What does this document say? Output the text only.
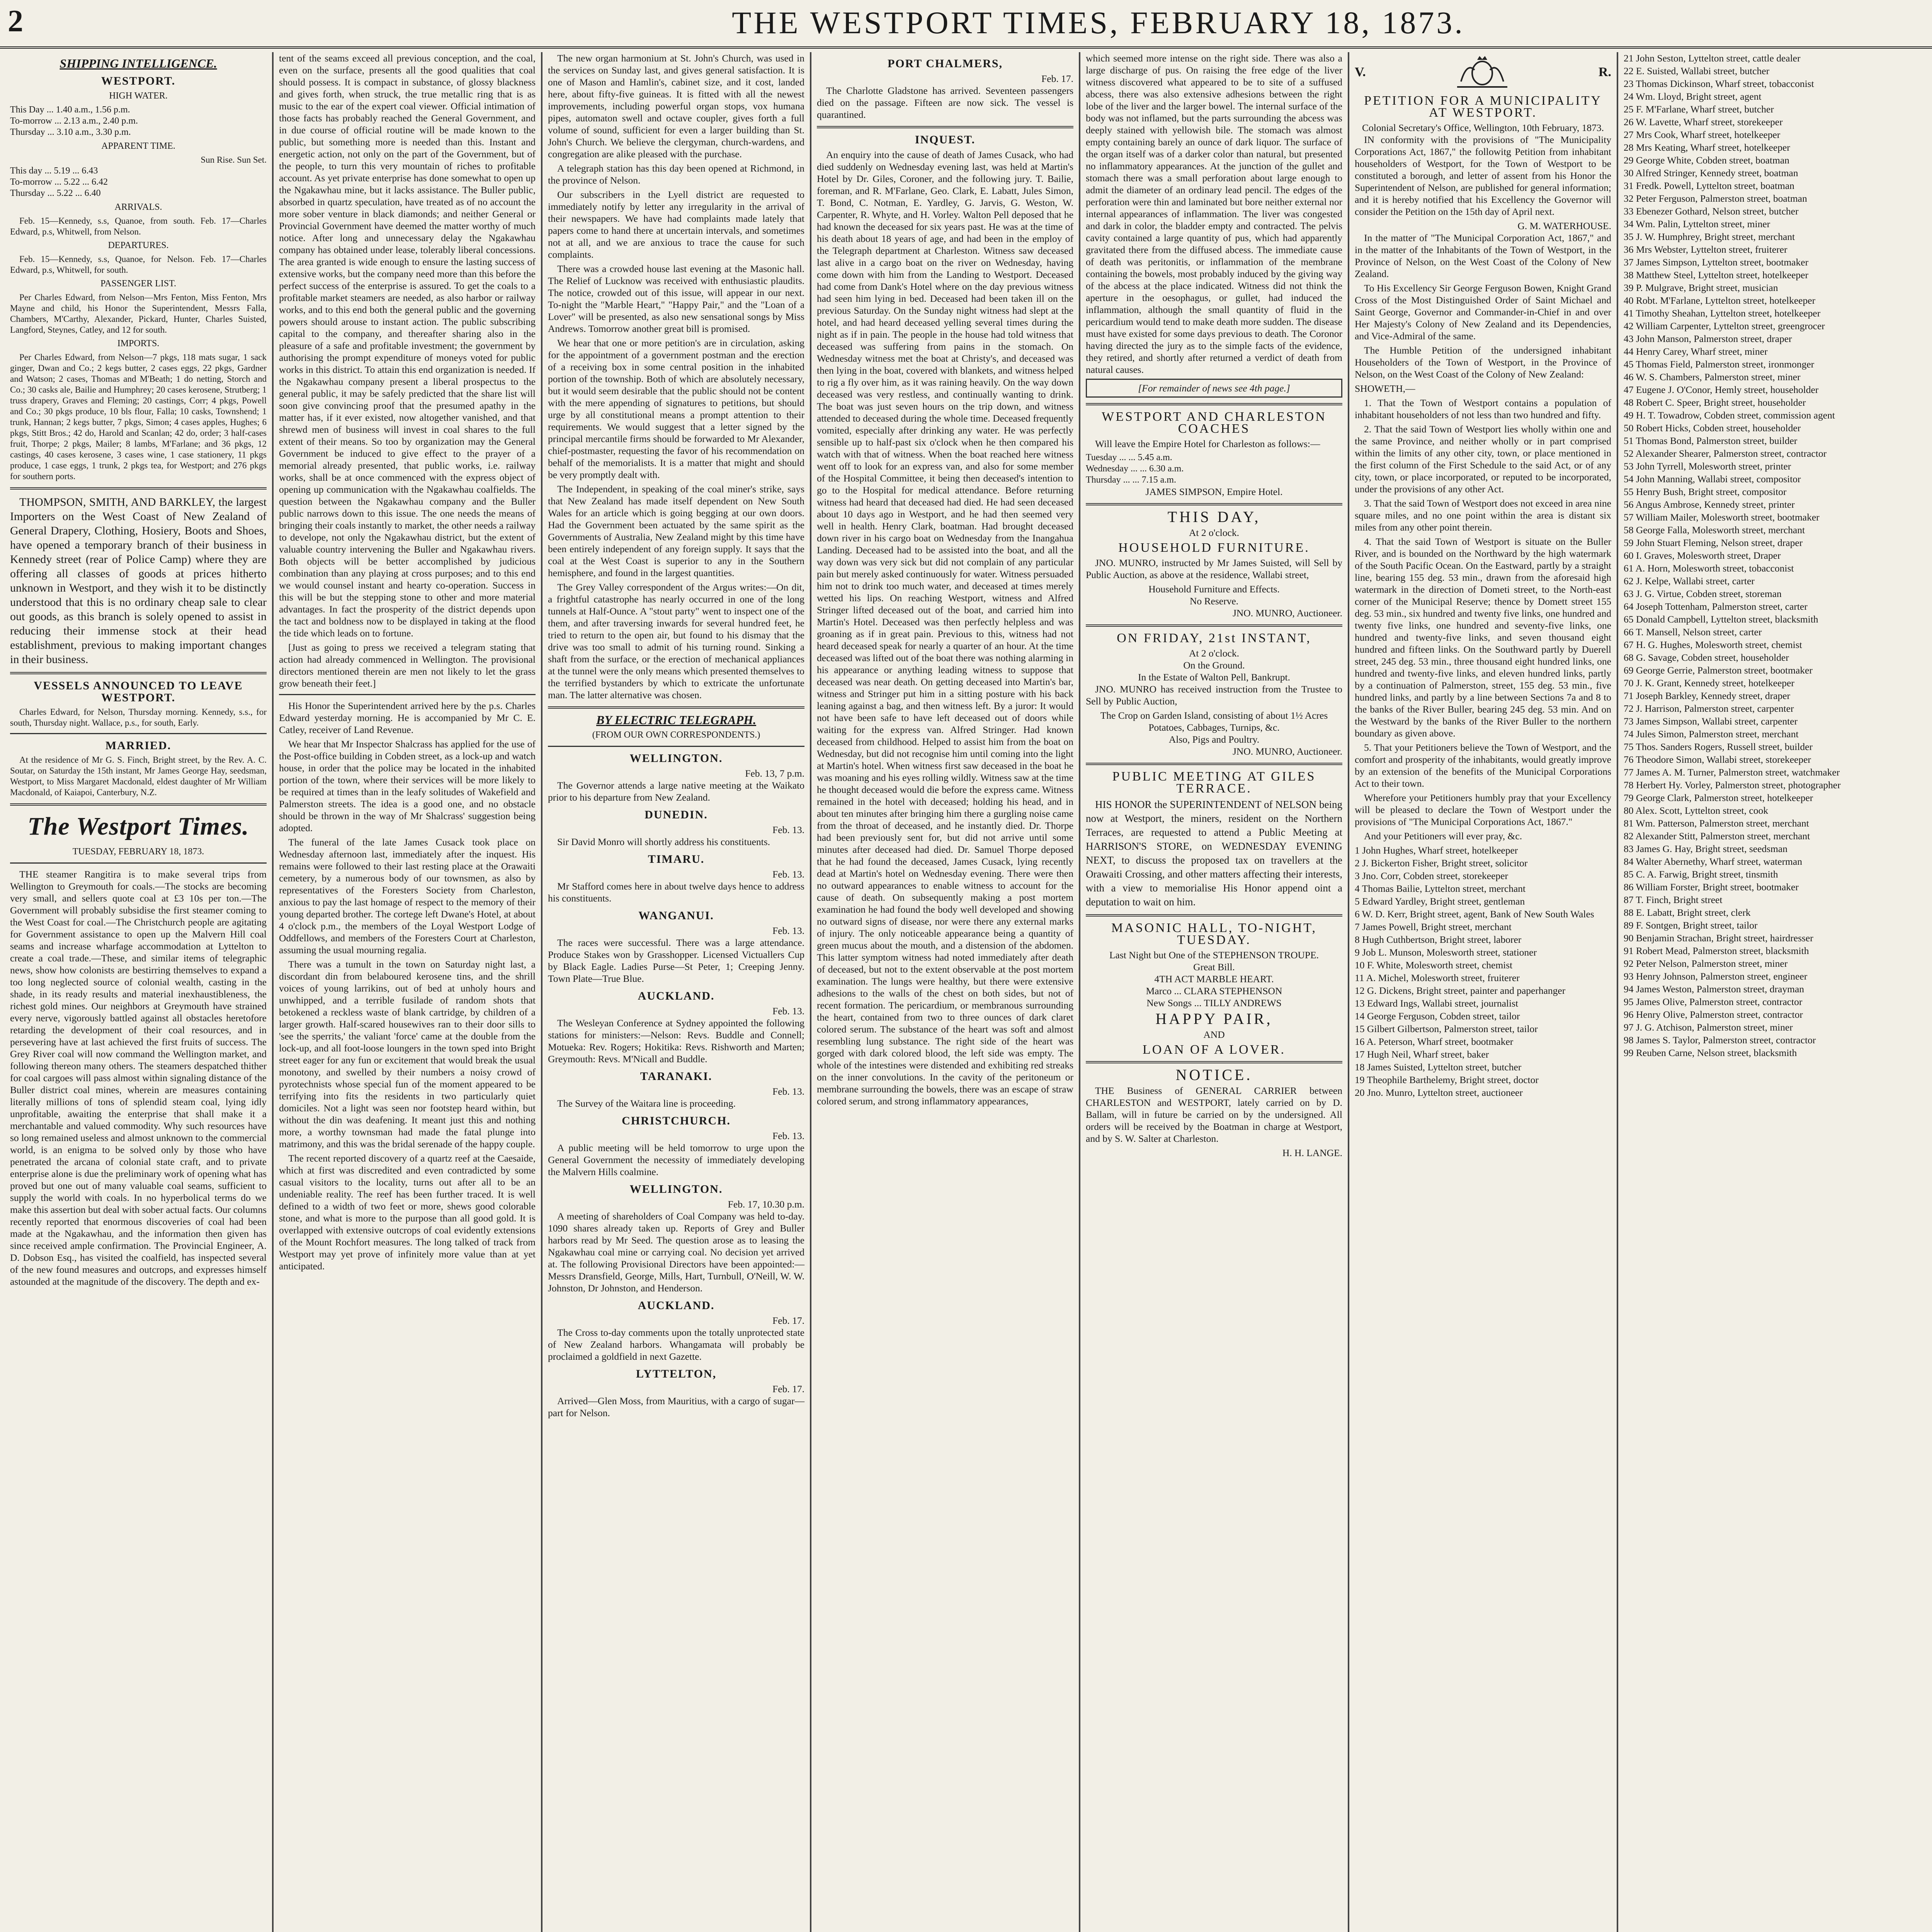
2	THE WESTPORT TIMES, FEBRUARY 18, 1873.
SHIPPING INTELLIGENCE.
WESTPORT.
HIGH WATER.
This Day ... 1.40 a.m., 1.56 p.m.
To-morrow ... 2.13 a.m., 2.40 p.m.
Thursday ... 3.10 a.m., 3.30 p.m.
APPARENT TIME.
Sun Rise. Sun Set.
This day ... 5.19 ... 6.43
To-morrow ... 5.22 ... 6.42
Thursday ... 5.22 ... 6.40
ARRIVALS.

Feb. 15—Kennedy, s.s, Quanoe, from south. Feb. 17—Charles Edward, p.s, Whitwell, from Nelson.

DEPARTURES.

Feb. 15—Kennedy, s.s, Quanoe, for Nelson. Feb. 17—Charles Edward, p.s, Whitwell, for south.

PASSENGER LIST.

Per Charles Edward, from Nelson—Mrs Fenton, Miss Fenton, Mrs Mayne and child, his Honor the Superintendent, Messrs Falla, Chambers, M'Carthy, Alexander, Pickard, Hunter, Charles Suisted, Langford, Steynes, Catley, and 12 for south.

IMPORTS.

Per Charles Edward, from Nelson—7 pkgs, 118 mats sugar, 1 sack ginger, Dwan and Co.; 2 kegs butter, 2 cases eggs, 22 pkgs, Gardner and Watson; 2 cases, Thomas and M'Beath; 1 do netting, Storch and Co.; 30 casks ale, Bailie and Humphrey; 20 cases kerosene, Strutberg; 1 truss drapery, Graves and Fleming; 20 castings, Corr; 4 pkgs, Powell and Co.; 30 pkgs produce, 10 bls flour, Falla; 10 casks, Townshend; 1 trunk, Hannan; 2 kegs butter, 7 pkgs, Simon; 4 cases apples, Hughes; 6 pkgs, Stitt Bros.; 42 do, Harold and Scanlan; 42 do, order; 3 half-cases fruit, Thorpe; 2 pkgs, Mailer; 8 lambs, M'Farlane; and 36 pkgs, 12 castings, 40 cases kerosene, 3 cases wine, 1 case stationery, 11 pkgs produce, 1 case eggs, 1 trunk, 2 pkgs tea, for Westport; and 276 pkgs for southern ports.

THOMPSON, SMITH, AND BARKLEY, the largest Importers on the West Coast of New Zealand of General Drapery, Clothing, Hosiery, Boots and Shoes, have opened a temporary branch of their business in Kennedy street (rear of Police Camp) where they are offering all classes of goods at prices hitherto unknown in Westport, and they wish it to be distinctly understood that this is no ordinary cheap sale to clear out goods, as this branch is solely opened to assist in reducing their immense stock at their head establishment, previous to making important changes in their business.

VESSELS ANNOUNCED TO LEAVE WESTPORT.

Charles Edward, for Nelson, Thursday morning. Kennedy, s.s., for south, Thursday night. Wallace, p.s., for south, Early.

MARRIED.

At the residence of Mr G. S. Finch, Bright street, by the Rev. A. C. Soutar, on Saturday the 15th instant, Mr James George Hay, seedsman, Westport, to Miss Margaret Macdonald, eldest daughter of Mr William Macdonald, of Kaiapoi, Canterbury, N.Z.

The Westport Times.
TUESDAY, FEBRUARY 18, 1873.

THE steamer Rangitira is to make several trips from Wellington to Greymouth for coals.—The stocks are becoming very small, and sellers quote coal at £3 10s per ton.—The Government will probably subsidise the first steamer coming to the West Coast for coal.—The Christchurch people are agitating for Government assistance to open up the Malvern Hill coal seams and increase wharfage accommodation at Lyttelton to create a coal trade.—These, and similar items of telegraphic news, show how colonists are bestirring themselves to expand a too long neglected source of colonial wealth, casting in the shade, in its ready results and material inexhaustibleness, the richest gold mines. Our neighbors at Greymouth have strained every nerve, vigorously battled against all obstacles heretofore retarding the development of their coal resources, and in persevering have at last achieved the first fruits of success. The Grey River coal will now command the Wellington market, and following thereon many others. The steamers despatched thither for coal cargoes will pass almost within signaling distance of the Buller district coal mines, wherein are measures containing literally millions of tons of splendid steam coal, lying idly unprofitable, awaiting the enterprise that shall make it a merchantable and valued commodity. Why such resources have so long remained useless and almost unknown to the commercial world, is an enigma to be solved only by those who have penetrated the arcana of colonial state craft, and to private enterprise alone is due the preliminary work of opening what has proved but one out of many valuable coal seams, sufficient to supply the world with coals. In no hyperbolical terms do we make this assertion but deal with sober actual facts. Our columns recently reported that enormous discoveries of coal had been made at the Ngakawhau, and the information then given has since received ample confirmation. The Provincial Engineer, A. D. Dobson Esq., has visited the coalfield, has inspected several of the new found measures and outcrops, and expresses himself astounded at the magnitude of the discovery. The depth and ex-

tent of the seams exceed all previous conception, and the coal, even on the surface, presents all the good qualities that coal should possess. It is compact in substance, of glossy blackness and gives forth, when struck, the true metallic ring that is as music to the ear of the expert coal viewer. Official intimation of those facts has probably reached the General Government, and in due course of official routine will be made known to the public, but something more is needed than this. Instant and energetic action, not only on the part of the Government, but of the people, to turn this very mountain of riches to profitable account. As yet private enterprise has done somewhat to open up the Ngakawhau mine, but it lacks assistance. The Buller public, absorbed in quartz speculation, have treated as of no account the more sober venture in black diamonds; and neither General or Provincial Government have deemed the matter worthy of much notice. After long and unnecessary delay the Ngakawhau company has obtained under lease, tolerably liberal concessions. The area granted is wide enough to ensure the lasting success of extensive works, but the company need more than this before the perfect success of the enterprise is assured. To get the coals to a profitable market steamers are needed, as also harbor or railway works, and to this end both the general public and the governing powers should arouse to instant action. The public subscribing capital to the company, and thereafter sharing also in the pleasure of a safe and profitable investment; the government by authorising the prompt expenditure of moneys voted for public works in this district. To attain this end organization is needed. If the Ngakawhau company present a liberal prospectus to the general public, it may be safely predicted that the share list will soon give convincing proof that the presumed apathy in the matter has, if it ever existed, now altogether vanished, and that shrewd men of business will invest in coal shares to the full extent of their means. So too by organization may the General Government be induced to give effect to the prayer of a memorial already presented, that public works, i.e. railway works, shall be at once commenced with the express object of opening up communication with the Ngakawhau coalfields. The question between the Ngakawhau company and the Buller public narrows down to this issue. The one needs the means of bringing their coals instantly to market, the other needs a railway to develope, not only the Ngakawhau district, but the extent of valuable country intervening the Buller and Ngakawhau rivers. Both objects will be better accomplished by judicious combination than any playing at cross purposes; and to this end we would counsel instant and hearty co-operation. Success in this will be but the stepping stone to other and more material advantages. In fact the prosperity of the district depends upon the tact and boldness now to be displayed in taking at the flood the tide which leads on to fortune.

[Just as going to press we received a telegram stating that action had already commenced in Wellington. The provisional directors mentioned therein are men not likely to let the grass grow beneath their feet.]

His Honor the Superintendent arrived here by the p.s. Charles Edward yesterday morning. He is accompanied by Mr C. E. Catley, receiver of Land Revenue.

We hear that Mr Inspector Shalcrass has applied for the use of the Post-office building in Cobden street, as a lock-up and watch house, in order that the police may be located in the inhabited portion of the town, where their services will be more likely to be required at times than in the leafy solitudes of Wakefield and Palmerston streets. The idea is a good one, and no obstacle should be thrown in the way of Mr Shalcrass' suggestion being adopted.

The funeral of the late James Cusack took place on Wednesday afternoon last, immediately after the inquest. His remains were followed to their last resting place at the Orawaiti cemetery, by a numerous body of our townsmen, as also by representatives of the Foresters Society from Charleston, anxious to pay the last homage of respect to the memory of their young departed brother. The cortege left Dwane's Hotel, at about 4 o'clock p.m., the members of the Loyal Westport Lodge of Oddfellows, and members of the Foresters Court at Charleston, assuming the usual mourning regalia.

There was a tumult in the town on Saturday night last, a discordant din from belaboured kerosene tins, and the shrill voices of young larrikins, out of bed at unholy hours and unwhipped, and a terrible fusilade of random shots that betokened a reckless waste of blank cartridge, by children of a larger growth. Half-scared housewives ran to their door sills to 'see the sperrits,' the valiant 'force' came at the double from the lock-up, and all foot-loose loungers in the town sped into Bright street eager for any fun or excitement that would break the usual monotony, and swelled by their numbers a noisy crowd of pyrotechnists whose special fun of the moment appeared to be terrifying into fits the residents in two particularly quiet domiciles. Not a light was seen nor footstep heard within, but without the din was deafening. It meant just this and nothing more, a worthy townsman had made the fatal plunge into matrimony, and this was the bridal serenade of the happy couple.

The recent reported discovery of a quartz reef at the Caesaide, which at first was discredited and even contradicted by some casual visitors to the locality, turns out after all to be an undeniable reality. The reef has been further traced. It is well defined to a width of two feet or more, shews good colorable stone, and what is more to the purpose than all good gold. It is overlapped with extensive outcrops of coal evidently extensions of the Mount Rochfort measures. The long talked of track from Westport may yet prove of infinitely more value than at yet anticipated.

The new organ harmonium at St. John's Church, was used in the services on Sunday last, and gives general satisfaction. It is one of Mason and Hamlin's, cabinet size, and it cost, landed here, about fifty-five guineas. It is fitted with all the newest improvements, including powerful organ stops, vox humana pipes, automaton swell and octave coupler, gives forth a full volume of sound, sufficient for even a larger building than St. John's Church. We believe the clergyman, church-wardens, and congregation are alike pleased with the purchase.

A telegraph station has this day been opened at Richmond, in the province of Nelson.

Our subscribers in the Lyell district are requested to immediately notify by letter any irregularity in the arrival of their newspapers. We have had complaints made lately that papers come to hand there at uncertain intervals, and sometimes not at all, and we are anxious to trace the cause for such complaints.

There was a crowded house last evening at the Masonic hall. The Relief of Lucknow was received with enthusiastic plaudits. The notice, crowded out of this issue, will appear in our next. To-night the "Marble Heart," "Happy Pair," and the "Loan of a Lover" will be presented, as also new sensational songs by Miss Andrews. Tomorrow another great bill is promised.

We hear that one or more petition's are in circulation, asking for the appointment of a government postman and the erection of a receiving box in some central position in the inhabited portion of the township. Both of which are absolutely necessary, but it would seem desirable that the public should not be content with the mere appending of signatures to petitions, but should urge by all constitutional means a prompt attention to their requirements. We would suggest that a letter signed by the principal mercantile firms should be forwarded to Mr Alexander, chief-postmaster, requesting the favor of his recommendation on behalf of the memorialists. It is a matter that might and should be very promptly dealt with.

The Independent, in speaking of the coal miner's strike, says that New Zealand has made itself dependent on New South Wales for an article which is going begging at our own doors. Had the Government been actuated by the same spirit as the Governments of Australia, New Zealand might by this time have been entirely independent of any foreign supply. It says that the coal at the West Coast is superior to any in the Southern hemisphere, and found in the largest quantities.

The Grey Valley correspondent of the Argus writes:—On dit, a frightful catastrophe has nearly occurred in one of the long tunnels at Half-Ounce. A "stout party" went to inspect one of the them, and after traversing inwards for several hundred feet, he tried to return to the open air, but found to his dismay that the drive was too small to admit of his turning round. Sinking a shaft from the surface, or the erection of mechanical appliances at the tunnel were the only means which presented themselves to the terrified bystanders by which to extricate the unfortunate man. The latter alternative was chosen.

BY ELECTRIC TELEGRAPH.
(FROM OUR OWN CORRESPONDENTS.)
WELLINGTON.
Feb. 13, 7 p.m.

The Governor attends a large native meeting at the Waikato prior to his departure from New Zealand.

DUNEDIN.
Feb. 13.

Sir David Monro will shortly address his constituents.

TIMARU.
Feb. 13.

Mr Stafford comes here in about twelve days hence to address his constituents.

WANGANUI.
Feb. 13.

The races were successful. There was a large attendance. Produce Stakes won by Grasshopper. Licensed Victuallers Cup by Black Eagle. Ladies Purse—St Peter, 1; Creeping Jenny. Town Plate—True Blue.

AUCKLAND.
Feb. 13.

The Wesleyan Conference at Sydney appointed the following stations for ministers:—Nelson: Revs. Buddle and Connell; Motueka: Rev. Rogers; Hokitika: Revs. Rishworth and Marten; Greymouth: Revs. M'Nicall and Buddle.

TARANAKI.
Feb. 13.

The Survey of the Waitara line is proceeding.

CHRISTCHURCH.
Feb. 13.

A public meeting will be held tomorrow to urge upon the General Government the necessity of immediately developing the Malvern Hills coalmine.

WELLINGTON.
Feb. 17, 10.30 p.m.

A meeting of shareholders of Coal Company was held to-day. 1090 shares already taken up. Reports of Grey and Buller harbors read by Mr Seed. The question arose as to leasing the Ngakawhau coal mine or carrying coal. No decision yet arrived at. The following Provisional Directors have been appointed:—Messrs Dransfield, George, Mills, Hart, Turnbull, O'Neill, W. W. Johnston, Dr Johnston, and Henderson.

AUCKLAND.
Feb. 17.

The Cross to-day comments upon the totally unprotected state of New Zealand harbors. Whangamata will probably be proclaimed a goldfield in next Gazette.

LYTTELTON,
Feb. 17.

Arrived—Glen Moss, from Mauritius, with a cargo of sugar—part for Nelson.

PORT CHALMERS,
Feb. 17.

The Charlotte Gladstone has arrived. Seventeen passengers died on the passage. Fifteen are now sick. The vessel is quarantined.

INQUEST.

An enquiry into the cause of death of James Cusack, who had died suddenly on Wednesday evening last, was held at Martin's Hotel by Dr. Giles, Coroner, and the following jury. T. Bailie, foreman, and R. M'Farlane, Geo. Clark, E. Labatt, Jules Simon, T. Bond, C. Notman, E. Yardley, G. Jarvis, G. Weston, W. Carpenter, R. Whyte, and H. Vorley. Walton Pell deposed that he had known the deceased for six years past. He was at the time of his death about 18 years of age, and had been in the employ of the Telegraph department at Charleston. Witness saw deceased last alive in a cargo boat on the river on Wednesday, having come down with him from the Landing to Westport. Deceased had come from Dank's Hotel where on the day previous witness had seen him lying in bed. Deceased had been taken ill on the previous Saturday. On the Sunday night witness had slept at the hotel, and had heard deceased yelling several times during the night as if in pain. The people in the house had told witness that deceased was suffering from pains in the stomach. On Wednesday witness met the boat at Christy's, and deceased was then lying in the boat, covered with blankets, and witness helped to rig a fly over him, as it was raining heavily. On the way down deceased was very restless, and continually wanting to drink. The boat was just seven hours on the trip down, and witness attended to deceased during the whole time. Deceased frequently vomited, especially after drinking any water. He was perfectly sensible up to half-past six o'clock when he then compared his watch with that of witness. When the boat reached here witness went off to look for an express van, and also for some member of the Hospital Committee, it being then deceased's intention to go to the Hospital for medical attendance. Before returning witness had heard that deceased had died. He had seen deceased about 10 days ago in Westport, and he had then seemed very well in health. Henry Clark, boatman. Had brought deceased down river in his cargo boat on Wednesday from the Inangahua Landing. Deceased had to be assisted into the boat, and all the way down was very sick but did not complain of any particular pain but merely asked continuously for water. Witness persuaded him not to drink too much water, and deceased at times merely wetted his lips. On reaching Westport, witness and Alfred Stringer lifted deceased out of the boat, and carried him into Martin's Hotel. Deceased was then perfectly helpless and was groaning as if in great pain. Previous to this, witness had not heard deceased speak for nearly a quarter of an hour. At the time deceased was lifted out of the boat there was nothing alarming in his appearance or anything leading witness to suppose that deceased was near death. On getting deceased into Martin's bar, witness and Stringer put him in a sitting posture with his back leaning against a bag, and then witness left. By a juror: It would not have been safe to have left deceased out of doors while waiting for the express van. Alfred Stringer. Had known deceased from childhood. Helped to assist him from the boat on Wednesday, but did not recognise him until coming into the light at Martin's hotel. When witness first saw deceased in the boat he was moaning and his eyes rolling wildly. Witness saw at the time he thought deceased would die before the express came. Witness remained in the hotel with deceased; holding his head, and in about ten minutes after bringing him there a gurgling noise came from the throat of deceased, and he instantly died. Dr. Thorpe had been previously sent for, but did not arrive until some minutes after deceased had died. Dr. Samuel Thorpe deposed that he had found the deceased, James Cusack, lying recently dead at Martin's hotel on Wednesday evening. There were then no outward appearances to enable witness to account for the cause of death. On subsequently making a post mortem examination he had found the body well developed and showing no outward signs of disease, nor were there any external marks of injury. The only noticeable appearance being a quantity of green mucus about the mouth, and a distension of the abdomen. This latter symptom witness had noted immediately after death of deceased, but not to the extent observable at the post mortem examination. The lungs were healthy, but there were extensive adhesions to the walls of the chest on both sides, but not of recent formation. The pericardium, or membranous surrounding the heart, contained from two to three ounces of dark claret colored serum. The substance of the heart was soft and almost resembling lung substance. The right side of the heart was gorged with dark colored blood, the left side was empty. The whole of the intestines were distended and exhibiting red streaks on the inner convolutions. In the cavity of the peritoneum or membrane surrounding the bowels, there was an escape of straw colored serum, and strong inflammatory appearances,

which seemed more intense on the right side. There was also a large discharge of pus. On raising the free edge of the liver witness discovered what appeared to be to site of a suffused abcess, there was also extensive adhesions between the right lobe of the liver and the larger bowel. The internal surface of the body was not inflamed, but the parts surrounding the abcess was deeply stained with yellowish bile. The stomach was almost empty containing barely an ounce of dark liquor. The surface of the organ itself was of a darker color than natural, but presented no inflammatory appearances. At the junction of the gullet and stomach there was a small perforation about large enough to admit the diameter of an ordinary lead pencil. The edges of the perforation were thin and laminated but bore neither external nor internal appearances of inflammation. The liver was congested and dark in color, the bladder empty and contracted. The pelvis cavity contained a large quantity of pus, which had apparently gravitated there from the diffused abcess. The immediate cause of death was peritonitis, or inflammation of the membrane containing the bowels, most probably induced by the giving way of the abcess at the place indicated. Witness did not think the aperture in the oesophagus, or gullet, had induced the inflammation, although the small quantity of fluid in the pericardium would tend to make death more sudden. The disease must have existed for some days previous to death. The Coronor having directed the jury as to the simple facts of the evidence, they retired, and shortly after returned a verdict of death from natural causes.

[For remainder of news see 4th page.]
WESTPORT AND CHARLESTON COACHES

Will leave the Empire Hotel for Charleston as follows:—

Tuesday ... ... 5.45 a.m.
Wednesday ... ... 6.30 a.m.
Thursday ... ... 7.15 a.m.
JAMES SIMPSON, Empire Hotel.
THIS DAY,
At 2 o'clock.
HOUSEHOLD FURNITURE.

JNO. MUNRO, instructed by Mr James Suisted, will Sell by Public Auction, as above at the residence, Wallabi street,

Household Furniture and Effects.
No Reserve.
JNO. MUNRO, Auctioneer.
ON FRIDAY, 21st INSTANT,
At 2 o'clock.
On the Ground.
In the Estate of Walton Pell, Bankrupt.

JNO. MUNRO has received instruction from the Trustee to Sell by Public Auction,

The Crop on Garden Island, consisting of about 1½ Acres Potatoes, Cabbages, Turnips, &c.
Also, Pigs and Poultry.
JNO. MUNRO, Auctioneer.
PUBLIC MEETING AT GILES TERRACE.

HIS HONOR the SUPERINTENDENT of NELSON being now at Westport, the miners, resident on the Northern Terraces, are requested to attend a Public Meeting at HARRISON'S STORE, on WEDNESDAY EVENING NEXT, to discuss the proposed tax on travellers at the Orawaiti Crossing, and other matters affecting their interests, with a view to memorialise His Honor append oint a deputation to wait on him.

MASONIC HALL, TO-NIGHT, TUESDAY.
Last Night but One of the STEPHENSON TROUPE.
Great Bill.
4TH ACT MARBLE HEART.
Marco ... CLARA STEPHENSON
New Songs ... TILLY ANDREWS
HAPPY PAIR,
AND
LOAN OF A LOVER.
NOTICE.

THE Business of GENERAL CARRIER between CHARLESTON and WESTPORT, lately carried on by D. Ballam, will in future be carried on by the undersigned. All orders will be received by the Boatman in charge at Westport, and by S. W. Salter at Charleston.

H. H. LANGE.
V.	R.
PETITION FOR A MUNICIPALITY AT WESTPORT.
Colonial Secretary's Office, Wellington, 10th February, 1873.

IN conformity with the provisions of "The Municipality Corporations Act, 1867," the followitg Petition from inhabitant householders of Westport, for the Town of Westport to be constituted a borough, and letter of assent from his Honor the Superintendent of Nelson, are published for general information; and it is hereby notified that his Excellency the Governor will consider the Petition on the 15th day of April next.

G. M. WATERHOUSE.

In the matter of "The Municipal Corporation Act, 1867," and in the matter of the Inhabitants of the Town of Westport, in the Province of Nelson, on the West Coast of the Colony of New Zealand.

To His Excellency Sir George Ferguson Bowen, Knight Grand Cross of the Most Distinguished Order of Saint Michael and Saint George, Governor and Commander-in-Chief in and over Her Majesty's Colony of New Zealand and its Dependencies, and Vice-Admiral of the same.

The Humble Petition of the undersigned inhabitant Householders of the Town of Westport, in the Province of Nelson, on the West Coast of the Colony of New Zealand:

SHOWETH,—

1. That the Town of Westport contains a population of inhabitant householders of not less than two hundred and fifty.

2. That the said Town of Westport lies wholly within one and the same Province, and neither wholly or in part comprised within the limits of any other city, town, or place mentioned in the first column of the First Schedule to the said Act, or of any city, town, or place incorporated, or reputed to be incorporated, under the provisions of any other Act.

3. That the said Town of Westport does not exceed in area nine square miles, and no one point within the area is distant six miles from any other point therein.

4. That the said Town of Westport is situate on the Buller River, and is bounded on the Northward by the high watermark of the South Pacific Ocean. On the Eastward, partly by a straight line, bearing 155 deg. 53 min., drawn from the aforesaid high watermark in the direction of Dometi street, to the North-east corner of the Municipal Reserve; thence by Domett street 155 deg. 53 min., six hundred and twenty five links, one hundred and twenty five links, one hundred and seventy-five links, one hundred and twenty-five links, and seven thousand eight hundred and fifteen links. On the Southward partly by Duerell street, 245 deg. 53 min., three thousand eight hundred links, one hundred and twenty-five links, and eleven hundred links, partly by a continuation of Palmerston, street, 155 deg. 53 min., five hundred links, and partly by a line between Sections 7a and 8 to the banks of the River Buller, bearing 245 deg. 53 min. And on the Westward by the banks of the River Buller to the northern boundary as given above.

5. That your Petitioners believe the Town of Westport, and the comfort and prosperity of the inhabitants, would greatly improve by an extension of the benefits of the Municipal Corporations Act to their town.

Wherefore your Petitioners humbly pray that your Excellency will be pleased to declare the Town of Westport under the provisions of "The Municipal Corporations Act, 1867."

And your Petitioners will ever pray, &c.

1 John Hughes, Wharf street, hotelkeeper

2 J. Bickerton Fisher, Bright street, solicitor

3 Jno. Corr, Cobden street, storekeeper

4 Thomas Bailie, Lyttelton street, merchant

5 Edward Yardley, Bright street, gentleman

6 W. D. Kerr, Bright street, agent, Bank of New South Wales

7 James Powell, Bright street, merchant

8 Hugh Cuthbertson, Bright street, laborer

9 Job L. Munson, Molesworth street, stationer

10 F. White, Molesworth street, chemist

11 A. Michel, Molesworth street, fruiterer

12 G. Dickens, Bright street, painter and paperhanger

13 Edward Ings, Wallabi street, journalist

14 George Ferguson, Cobden street, tailor

15 Gilbert Gilbertson, Palmerston street, tailor

16 A. Peterson, Wharf street, bootmaker

17 Hugh Neil, Wharf street, baker

18 James Suisted, Lyttelton street, butcher

19 Theophile Barthelemy, Bright street, doctor

20 Jno. Munro, Lyttelton street, auctioneer

21 John Seston, Lyttelton street, cattle dealer

22 E. Suisted, Wallabi street, butcher

23 Thomas Dickinson, Wharf street, tobacconist

24 Wm. Lloyd, Bright street, agent

25 F. M'Farlane, Wharf street, butcher

26 W. Lavette, Wharf street, storekeeper

27 Mrs Cook, Wharf street, hotelkeeper

28 Mrs Keating, Wharf street, hotelkeeper

29 George White, Cobden street, boatman

30 Alfred Stringer, Kennedy street, boatman

31 Fredk. Powell, Lyttelton street, boatman

32 Peter Ferguson, Palmerston street, boatman

33 Ebenezer Gothard, Nelson street, butcher

34 Wm. Palin, Lyttelton street, miner

35 J. W. Humphrey, Bright street, merchant

36 Mrs Webster, Lyttelton street, fruiterer

37 James Simpson, Lyttelton street, bootmaker

38 Matthew Steel, Lyttelton street, hotelkeeper

39 P. Mulgrave, Bright street, musician

40 Robt. M'Farlane, Lyttelton street, hotelkeeper

41 Timothy Sheahan, Lyttelton street, hotelkeeper

42 William Carpenter, Lyttelton street, greengrocer

43 John Manson, Palmerston street, draper

44 Henry Carey, Wharf street, miner

45 Thomas Field, Palmerston street, ironmonger

46 W. S. Chambers, Palmerston street, miner

47 Eugene J. O'Conor, Hemly street, householder

48 Robert C. Speer, Bright street, householder

49 H. T. Towadrow, Cobden street, commission agent

50 Robert Hicks, Cobden street, householder

51 Thomas Bond, Palmerston street, builder

52 Alexander Shearer, Palmerston street, contractor

53 John Tyrrell, Molesworth street, printer

54 John Manning, Wallabi street, compositor

55 Henry Bush, Bright street, compositor

56 Angus Ambrose, Kennedy street, printer

57 William Mailer, Molesworth street, bootmaker

58 George Falla, Molesworth street, merchant

59 John Stuart Fleming, Nelson street, draper

60 I. Graves, Molesworth street, Draper

61 A. Horn, Molesworth street, tobacconist

62 J. Kelpe, Wallabi street, carter

63 J. G. Virtue, Cobden street, storeman

64 Joseph Tottenham, Palmerston street, carter

65 Donald Campbell, Lyttelton street, blacksmith

66 T. Mansell, Nelson street, carter

67 H. G. Hughes, Molesworth street, chemist

68 G. Savage, Cobden street, householder

69 George Gerrie, Palmerston street, bootmaker

70 J. K. Grant, Kennedy street, hotelkeeper

71 Joseph Barkley, Kennedy street, draper

72 J. Harrison, Palmerston street, carpenter

73 James Simpson, Wallabi street, carpenter

74 Jules Simon, Palmerston street, merchant

75 Thos. Sanders Rogers, Russell street, builder

76 Theodore Simon, Wallabi street, storekeeper

77 James A. M. Turner, Palmerston street, watchmaker

78 Herbert Hy. Vorley, Palmerston street, photographer

79 George Clark, Palmerston street, hotelkeeper

80 Alex. Scott, Lyttelton street, cook

81 Wm. Patterson, Palmerston street, merchant

82 Alexander Stitt, Palmerston street, merchant

83 James G. Hay, Bright street, seedsman

84 Walter Abernethy, Wharf street, waterman

85 C. A. Farwig, Bright street, tinsmith

86 William Forster, Bright street, bootmaker

87 T. Finch, Bright street

88 E. Labatt, Bright street, clerk

89 F. Sontgen, Bright street, tailor

90 Benjamin Strachan, Bright street, hairdresser

91 Robert Mead, Palmerston street, blacksmith

92 Peter Nelson, Palmerston street, miner

93 Henry Johnson, Palmerston street, engineer

94 James Weston, Palmerston street, drayman

95 James Olive, Palmerston street, contractor

96 Henry Olive, Palmerston street, contractor

97 J. G. Atchison, Palmerston street, miner

98 James S. Taylor, Palmerston street, contractor

99 Reuben Carne, Nelson street, blacksmith
